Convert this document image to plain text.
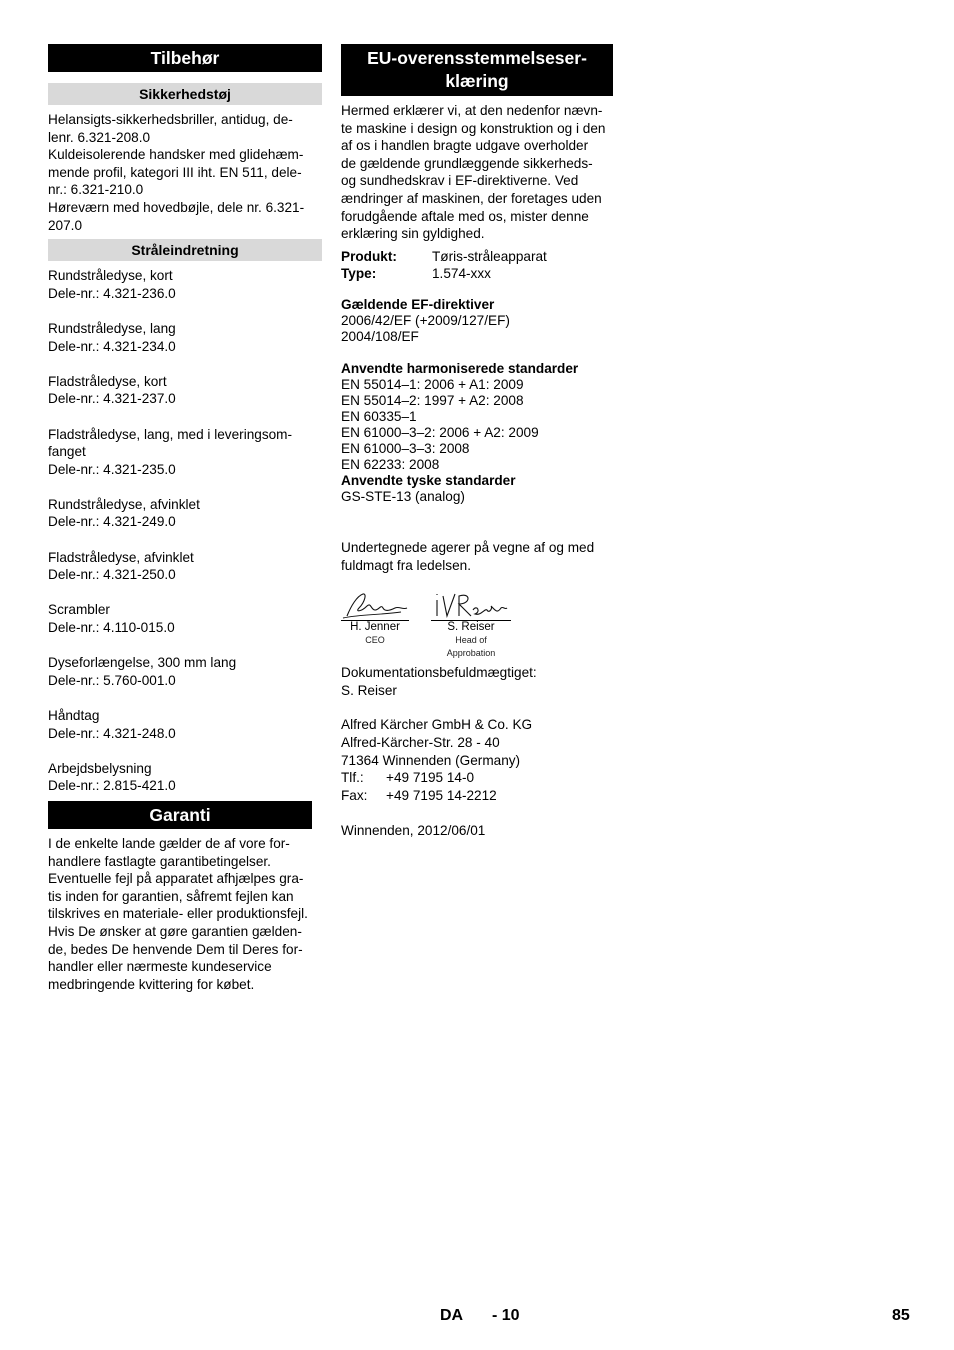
Tilbehør
Sikkerhedstøj
Helansigts-sikkerhedsbriller, antidug, de-
lenr. 6.321-208.0
Kuldeisolerende handsker med glidehæm-
mende profil, kategori III iht. EN 511, dele-
nr.: 6.321-210.0
Høreværn med hovedbøjle, dele nr. 6.321-
207.0
Stråleindretning
Rundstråledyse, kort
Dele-nr.: 4.321-236.0
Rundstråledyse, lang
Dele-nr.: 4.321-234.0
Fladstråledyse, kort
Dele-nr.: 4.321-237.0
Fladstråledyse, lang, med i leveringsom-
fanget
Dele-nr.: 4.321-235.0
Rundstråledyse, afvinklet
Dele-nr.: 4.321-249.0
Fladstråledyse, afvinklet
Dele-nr.: 4.321-250.0
Scrambler
Dele-nr.: 4.110-015.0
Dyseforlængelse, 300 mm lang
Dele-nr.: 5.760-001.0
Håndtag
Dele-nr.: 4.321-248.0
Arbejdsbelysning
Dele-nr.: 2.815-421.0
Garanti
I de enkelte lande gælder de af vore for-
handlere fastlagte garantibetingelser.
Eventuelle fejl på apparatet afhjælpes gra-
tis inden for garantien, såfremt fejlen kan
tilskrives en materiale- eller produktionsfejl.
Hvis De ønsker at gøre garantien gælden-
de, bedes De henvende Dem til Deres for-
handler eller nærmeste kundeservice
medbringende kvittering for købet.
EU-overensstemmelseser-
klæring
Hermed erklærer vi, at den nedenfor nævn-
te maskine i design og konstruktion og i den
af os i handlen bragte udgave overholder
de gældende grundlæggende sikkerheds-
og sundhedskrav i EF-direktiverne. Ved
ændringer af maskinen, der foretages uden
forudgående aftale med os, mister denne
erklæring sin gyldighed.
Produkt:	Tøris-stråleapparat
Type:	1.574-xxx
Gældende EF-direktiver
2006/42/EF (+2009/127/EF)
2004/108/EF
Anvendte harmoniserede standarder
EN 55014–1: 2006 + A1: 2009
EN 55014–2: 1997 + A2: 2008
EN 60335–1
EN 61000–3–2: 2006 + A2: 2009
EN 61000–3–3: 2008
EN 62233: 2008
Anvendte tyske standarder
GS-STE-13 (analog)
Undertegnede agerer på vegne af og med
fuldmagt fra ledelsen.
H. Jenner
CEO
S. Reiser
Head of Approbation
Dokumentationsbefuldmægtiget:
S. Reiser
Alfred Kärcher GmbH & Co. KG
Alfred-Kärcher-Str. 28 - 40
71364 Winnenden (Germany)
Tlf.: +49 7195 14-0
Fax: +49 7195 14-2212
Winnenden, 2012/06/01
DA - 10	85
